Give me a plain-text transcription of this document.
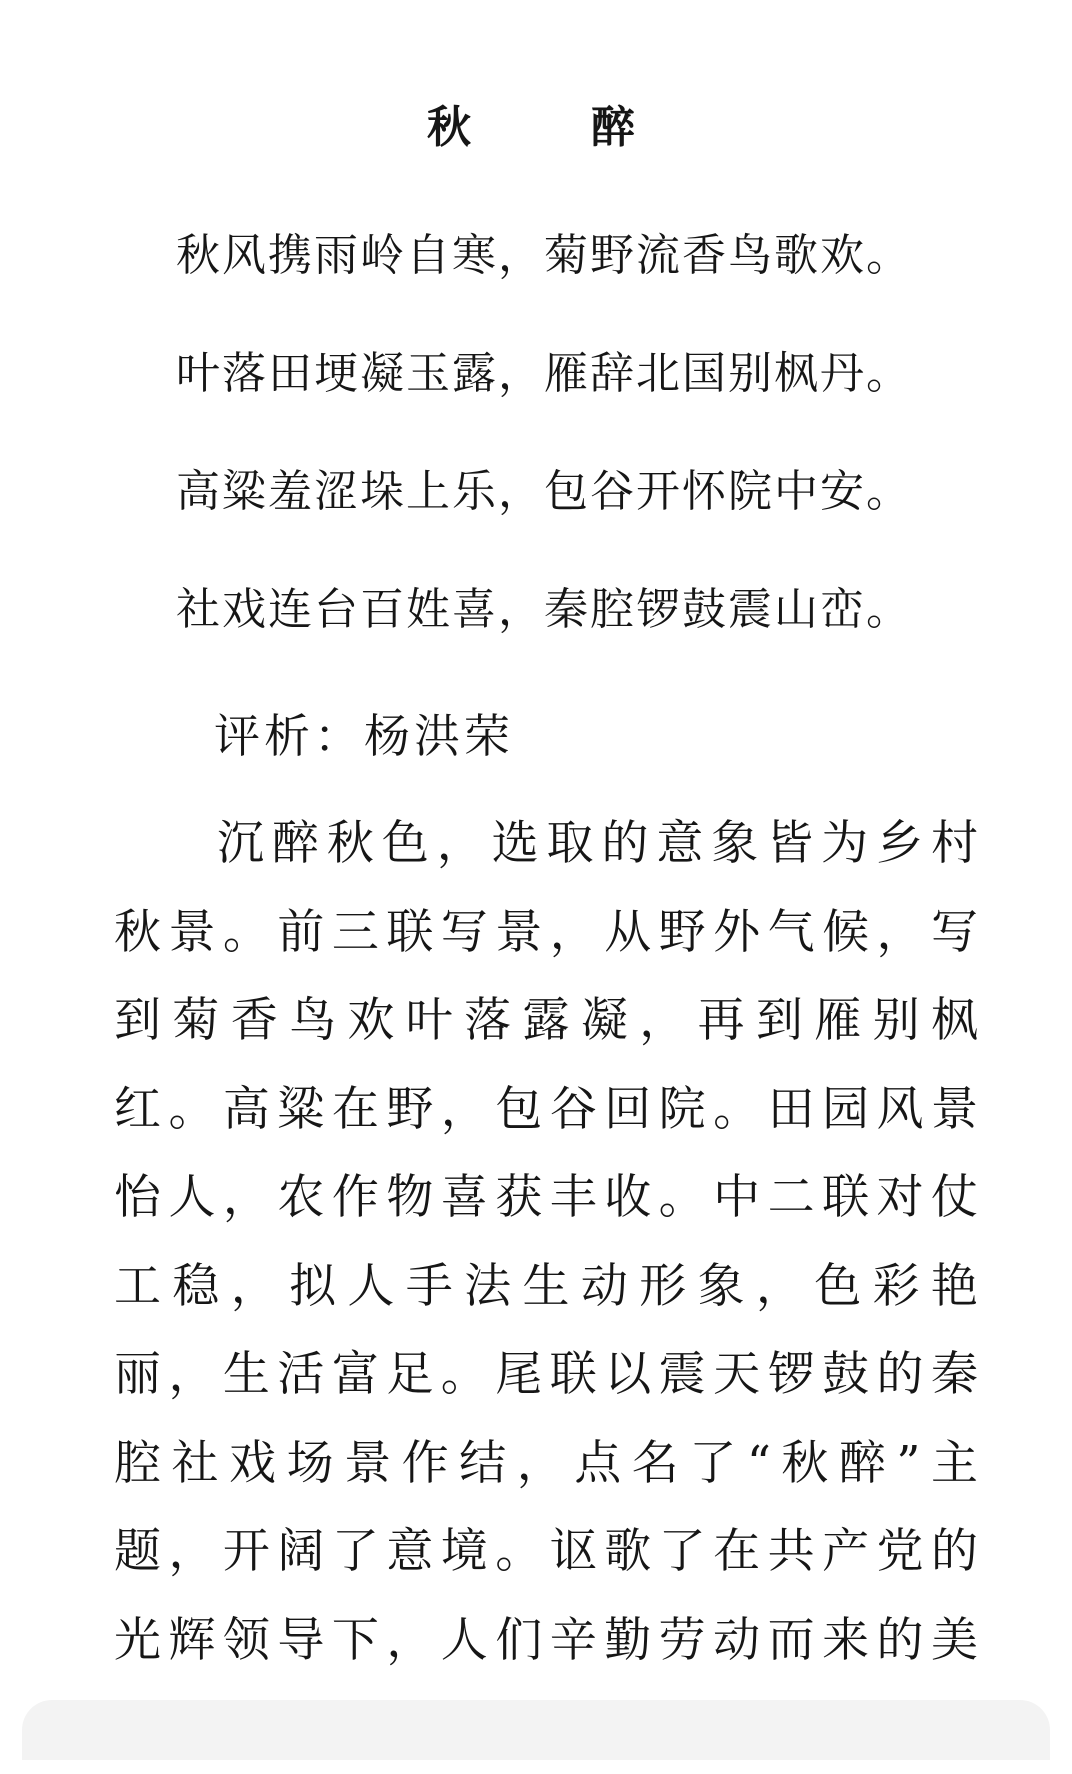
秋　醉
秋风携雨岭自寒，菊野流香鸟歌欢。
叶落田埂凝玉露，雁辞北国别枫丹。
高粱羞涩垛上乐，包谷开怀院中安。
社戏连台百姓喜，秦腔锣鼓震山峦。
评析：杨洪荣

沉醉秋色，选取的意象皆为乡村秋景。前三联写景，从野外气候，写到菊香鸟欢叶落露凝，再到雁别枫红。高粱在野，包谷回院。田园风景怡人，农作物喜获丰收。中二联对仗工稳，拟人手法生动形象，色彩艳丽，生活富足。尾联以震天锣鼓的秦腔社戏场景作结，点名了“秋醉”主题，开阔了意境。讴歌了在共产党的光辉领导下，人们辛勤劳动而来的美
